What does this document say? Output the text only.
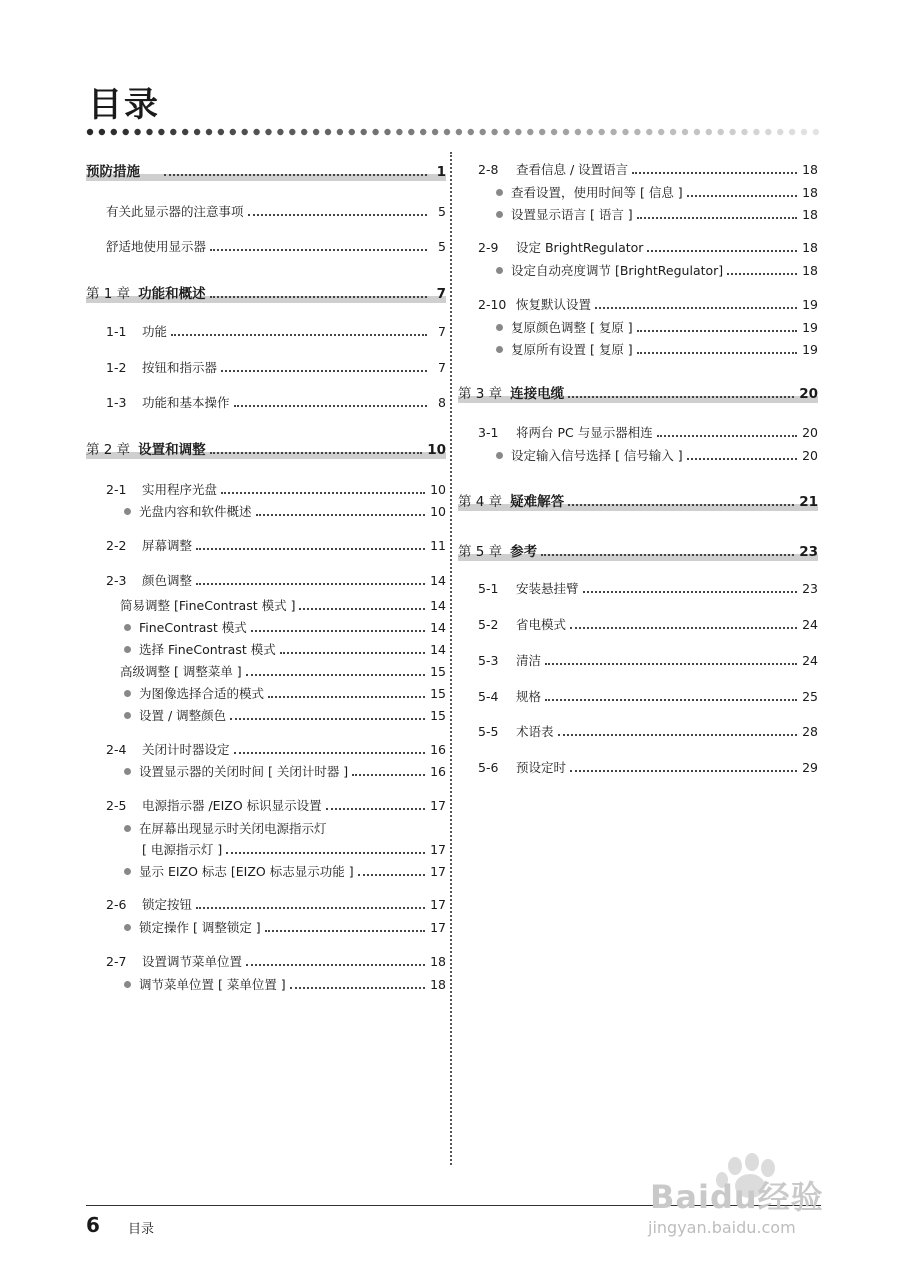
目录
预防措施	1
有关此显示器的注意事项	5
舒适地使用显示器	5
第 1 章 功能和概述	7
1-1	功能	7
1-2	按钮和指示器	7
1-3	功能和基本操作	8
第 2 章 设置和调整	10
2-1	实用程序光盘	10
光盘内容和软件概述	10
2-2	屏幕调整	11
2-3	颜色调整	14
简易调整 [FineContrast 模式 ]	14
FineContrast 模式	14
选择 FineContrast 模式	14
高级调整 [ 调整菜单 ]	15
为图像选择合适的模式	15
设置 / 调整颜色	15
2-4	关闭计时器设定	16
设置显示器的关闭时间 [ 关闭计时器 ]	16
2-5	电源指示器 /EIZO 标识显示设置	17
在屏幕出现显示时关闭电源指示灯
[ 电源指示灯 ]	17
显示 EIZO 标志 [EIZO 标志显示功能 ]	17
2-6	锁定按钮	17
锁定操作 [ 调整锁定 ]	17
2-7	设置调节菜单位置	18
调节菜单位置 [ 菜单位置 ]	18
2-8	查看信息 / 设置语言	18
查看设置，使用时间等 [ 信息 ]	18
设置显示语言 [ 语言 ]	18
2-9	设定 BrightRegulator	18
设定自动亮度调节 [BrightRegulator]	18
2-10 恢复默认设置	19
复原颜色调整 [ 复原 ]	19
复原所有设置 [ 复原 ]	19
第 3 章 连接电缆	20
3-1	将两台 PC 与显示器相连	20
设定输入信号选择 [ 信号输入 ]	20
第 4 章 疑难解答	21
第 5 章 参考	23
5-1	安装悬挂臂	23
5-2	省电模式	24
5-3	清洁	24
5-4	规格	25
5-5	术语表	28
5-6	预设定时	29
6 目录
Baidu经验
jingyan.baidu.com
